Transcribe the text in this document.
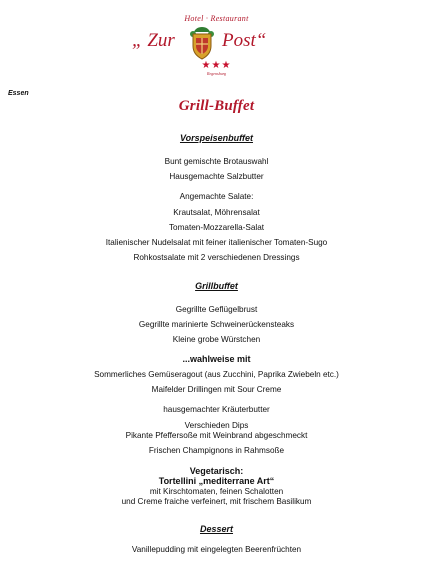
Hotel · Restaurant
„ Zur Post“
★★★
Regensburg
Essen
Grill-Buffet
Vorspeisenbuffet
Bunt gemischte Brotauswahl
Hausgemachte Salzbutter
Angemachte Salate:
Krautsalat, Möhrensalat
Tomaten-Mozzarella-Salat
Italienischer Nudelsalat mit feiner italienischer Tomaten-Sugo
Rohkostsalate mit 2 verschiedenen Dressings
Grillbuffet
Gegrillte Geflügelbrust
Gegrillte marinierte Schweinerückensteaks
Kleine grobe Würstchen
...wahlweise mit
Sommerliches Gemüseragout (aus Zucchini, Paprika Zwiebeln etc.)
Maifelder Drillingen mit Sour Creme
hausgemachter Kräuterbutter
Verschieden Dips
Pikante Pfeffersoße mit Weinbrand abgeschmeckt
Frischen Champignons in Rahmsoße
Vegetarisch:
Tortellini „mediterrane Art“
mit Kirschtomaten, feinen Schalotten
und Creme fraiche verfeinert, mit frischem Basilikum
Dessert
Vanillepudding mit eingelegten Beerenfrüchten
